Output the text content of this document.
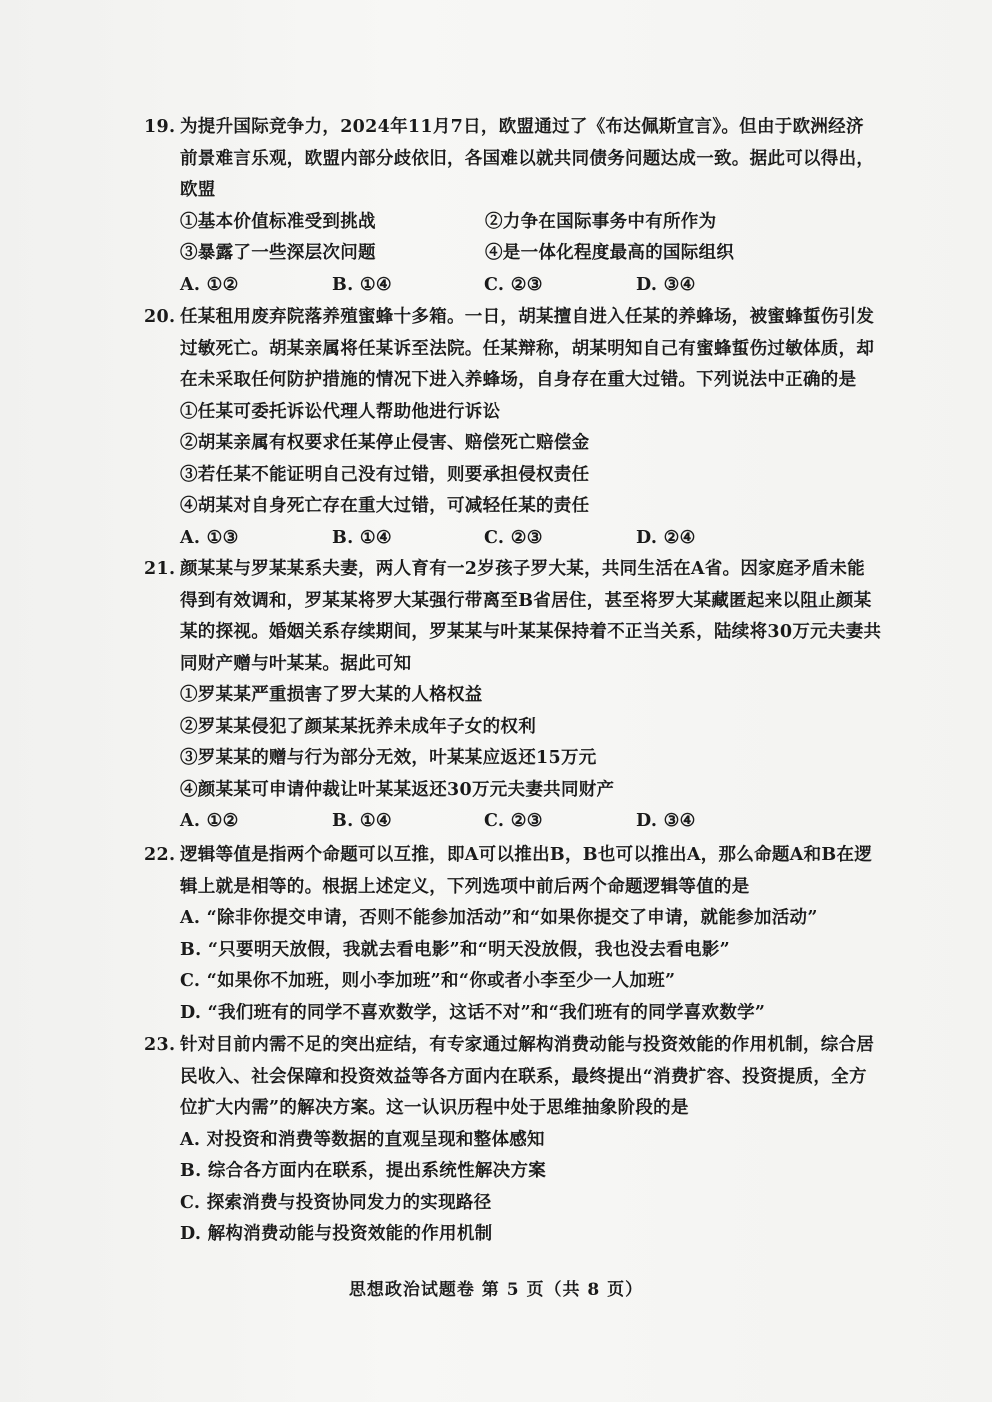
19. 为提升国际竞争力，2024年11月7日，欧盟通过了《布达佩斯宣言》。但由于欧洲经济
前景难言乐观，欧盟内部分歧依旧，各国难以就共同债务问题达成一致。据此可以得出，
欧盟
①基本价值标准受到挑战	②力争在国际事务中有所作为
③暴露了一些深层次问题	④是一体化程度最高的国际组织
A. ①②	B. ①④	C. ②③	D. ③④
20. 任某租用废弃院落养殖蜜蜂十多箱。一日，胡某擅自进入任某的养蜂场，被蜜蜂蜇伤引发
过敏死亡。胡某亲属将任某诉至法院。任某辩称，胡某明知自己有蜜蜂蜇伤过敏体质，却
在未采取任何防护措施的情况下进入养蜂场，自身存在重大过错。下列说法中正确的是
①任某可委托诉讼代理人帮助他进行诉讼
②胡某亲属有权要求任某停止侵害、赔偿死亡赔偿金
③若任某不能证明自己没有过错，则要承担侵权责任
④胡某对自身死亡存在重大过错，可减轻任某的责任
A. ①③	B. ①④	C. ②③	D. ②④
21. 颜某某与罗某某系夫妻，两人育有一2岁孩子罗大某，共同生活在A省。因家庭矛盾未能
得到有效调和，罗某某将罗大某强行带离至B省居住，甚至将罗大某藏匿起来以阻止颜某
某的探视。婚姻关系存续期间，罗某某与叶某某保持着不正当关系，陆续将30万元夫妻共
同财产赠与叶某某。据此可知
①罗某某严重损害了罗大某的人格权益
②罗某某侵犯了颜某某抚养未成年子女的权利
③罗某某的赠与行为部分无效，叶某某应返还15万元
④颜某某可申请仲裁让叶某某返还30万元夫妻共同财产
A. ①②	B. ①④	C. ②③	D. ③④
22. 逻辑等值是指两个命题可以互推，即A可以推出B，B也可以推出A，那么命题A和B在逻
辑上就是相等的。根据上述定义，下列选项中前后两个命题逻辑等值的是
A. “除非你提交申请，否则不能参加活动”和“如果你提交了申请，就能参加活动”
B. “只要明天放假，我就去看电影”和“明天没放假，我也没去看电影”
C. “如果你不加班，则小李加班”和“你或者小李至少一人加班”
D. “我们班有的同学不喜欢数学，这话不对”和“我们班有的同学喜欢数学”
23. 针对目前内需不足的突出症结，有专家通过解构消费动能与投资效能的作用机制，综合居
民收入、社会保障和投资效益等各方面内在联系，最终提出“消费扩容、投资提质，全方
位扩大内需”的解决方案。这一认识历程中处于思维抽象阶段的是
A. 对投资和消费等数据的直观呈现和整体感知
B. 综合各方面内在联系，提出系统性解决方案
C. 探索消费与投资协同发力的实现路径
D. 解构消费动能与投资效能的作用机制
思想政治试题卷 第 5 页（共 8 页）
